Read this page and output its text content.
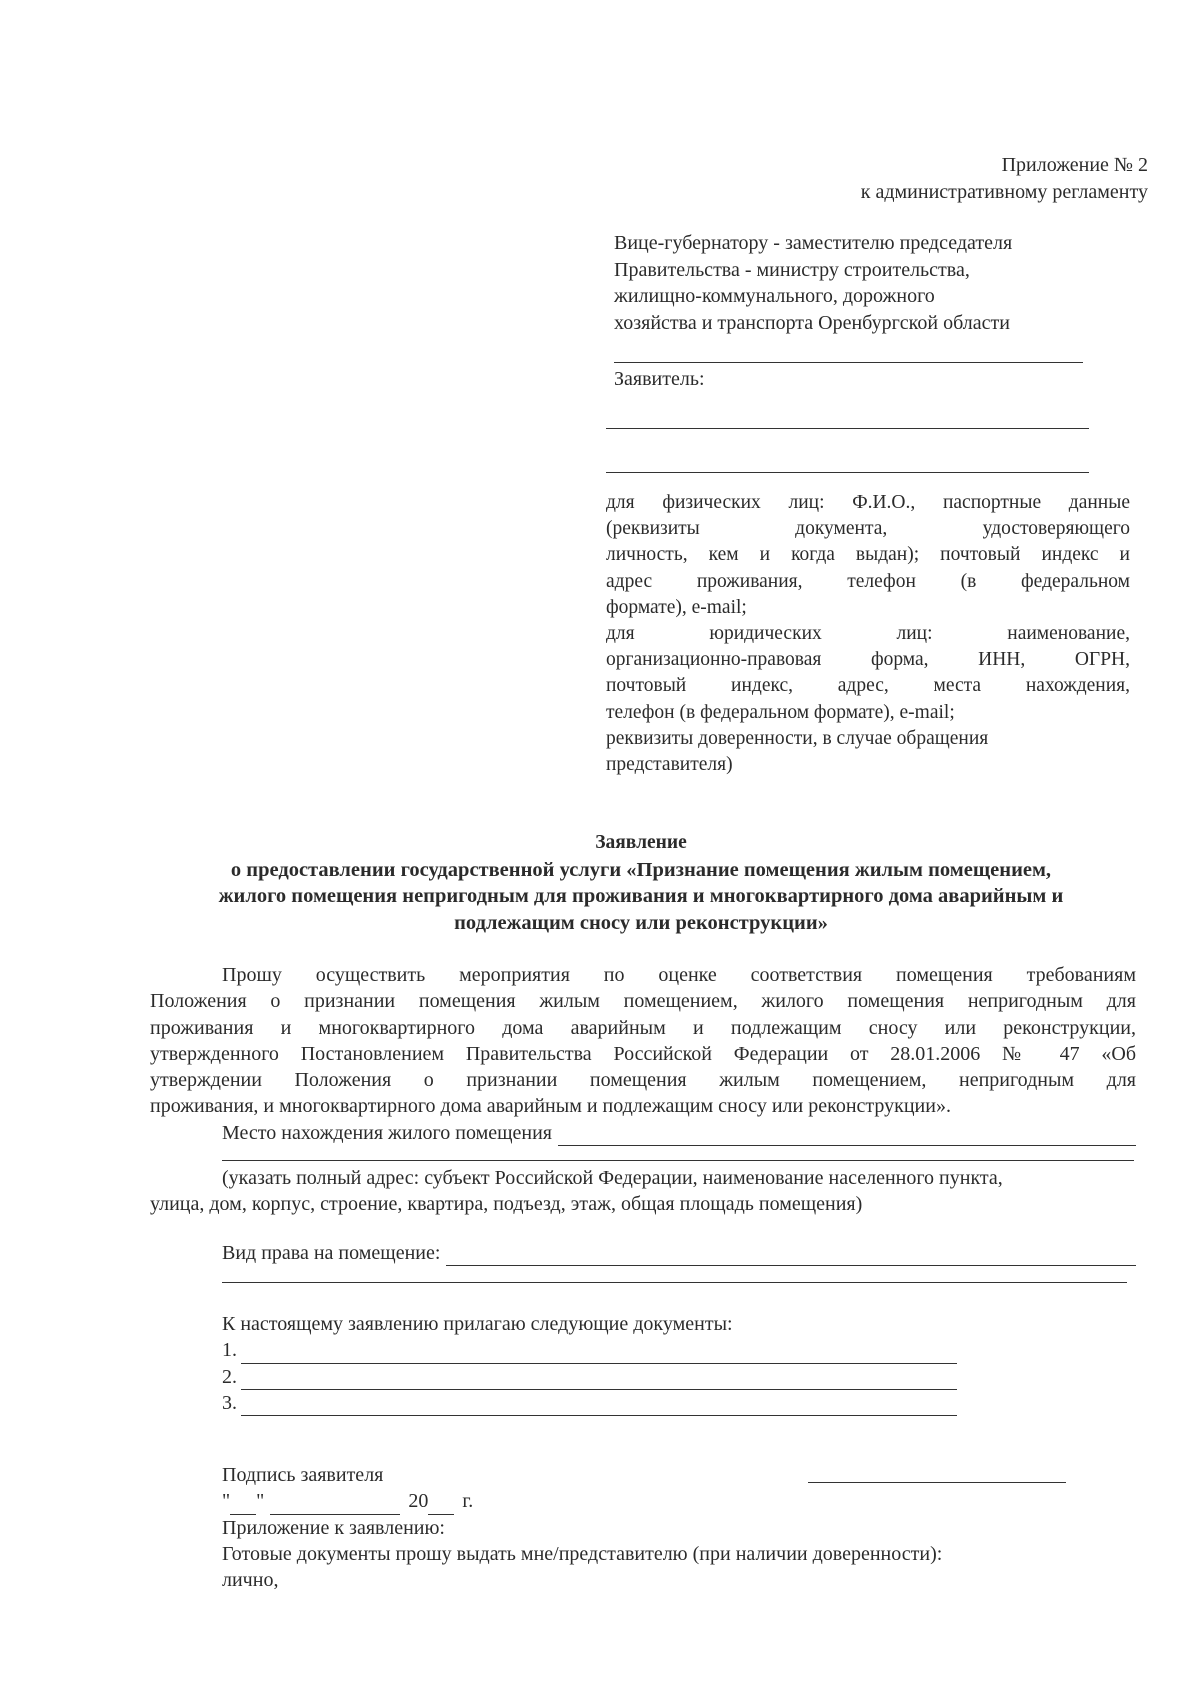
Приложение № 2
к административному регламенту
Вице-губернатору - заместителю председателя
Правительства - министру строительства,
жилищно-коммунального, дорожного
хозяйства и транспорта Оренбургской области
Заявитель:

для физических лиц: Ф.И.О., паспортные данные

(реквизиты документа, удостоверяющего

личность, кем и когда выдан); почтовый индекс и

адрес проживания, телефон (в федеральном

формате), e-mail;

для юридических лиц: наименование,

организационно-правовая форма, ИНН, ОГРН,

почтовый индекс, адрес, места нахождения,

телефон (в федеральном формате), e-mail;

реквизиты доверенности, в случае обращения

представителя)

Заявление
о предоставлении государственной услуги «Признание помещения жилым помещением,
жилого помещения непригодным для проживания и многоквартирного дома аварийным и
подлежащим сносу или реконструкции»

Прошу осуществить мероприятия по оценке соответствия помещения требованиям

Положения о признании помещения жилым помещением, жилого помещения непригодным для

проживания и многоквартирного дома аварийным и подлежащим сносу или реконструкции,

утвержденного Постановлением Правительства Российской Федерации от 28.01.2006 № 47 «Об

утверждении Положения о признании помещения жилым помещением, непригодным для

проживания, и многоквартирного дома аварийным и подлежащим сносу или реконструкции».

Место нахождения жилого помещения

(указать полный адрес: субъект Российской Федерации, наименование населенного пункта,

улица, дом, корпус, строение, квартира, подъезд, этаж, общая площадь помещения)

Вид права на помещение:

К настоящему заявлению прилагаю следующие документы:

1.
2.
3.

Подпись заявителя

" "	20 г.

Приложение к заявлению:

Готовые документы прошу выдать мне/представителю (при наличии доверенности):

лично,
